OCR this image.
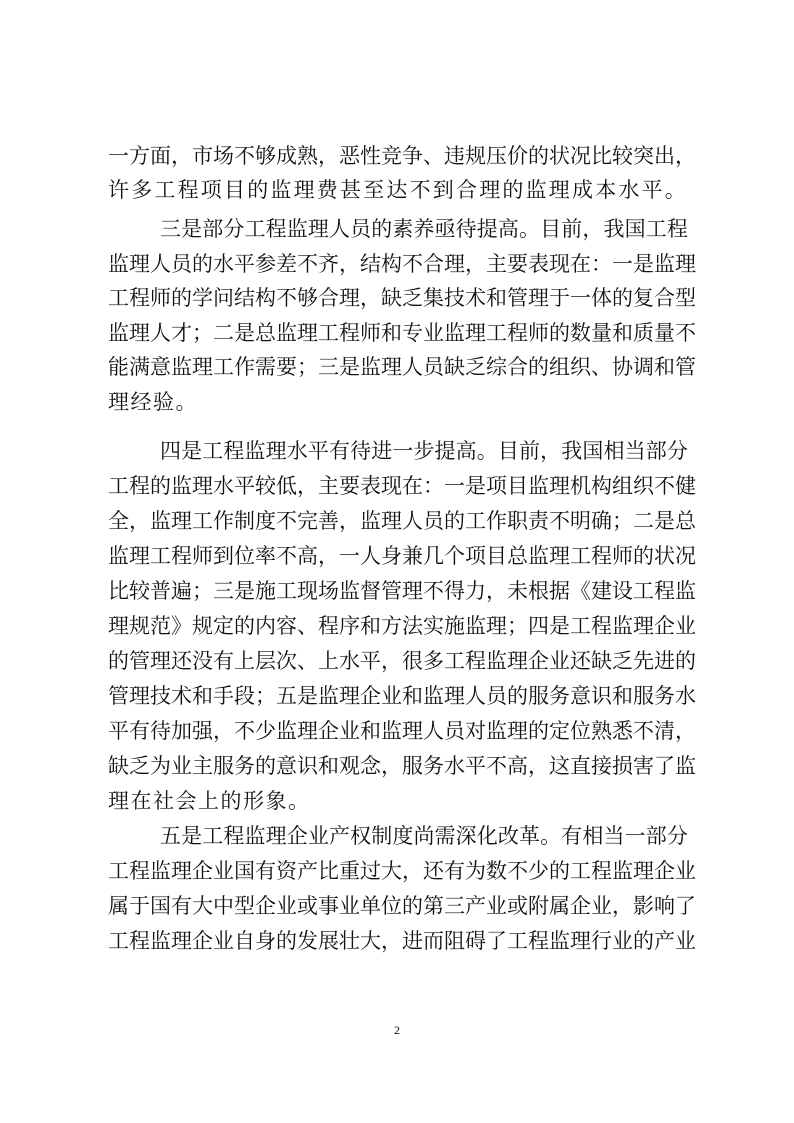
一方面，市场不够成熟，恶性竞争、违规压价的状况比较突出，
许多工程项目的监理费甚至达不到合理的监理成本水平。
三是部分工程监理人员的素养亟待提高。目前，我国工程
监理人员的水平参差不齐，结构不合理，主要表现在：一是监理
工程师的学问结构不够合理，缺乏集技术和管理于一体的复合型
监理人才；二是总监理工程师和专业监理工程师的数量和质量不
能满意监理工作需要；三是监理人员缺乏综合的组织、协调和管
理经验。
四是工程监理水平有待进一步提高。目前，我国相当部分
工程的监理水平较低，主要表现在：一是项目监理机构组织不健
全，监理工作制度不完善，监理人员的工作职责不明确；二是总
监理工程师到位率不高，一人身兼几个项目总监理工程师的状况
比较普遍；三是施工现场监督管理不得力，未根据《建设工程监
理规范》规定的内容、程序和方法实施监理；四是工程监理企业
的管理还没有上层次、上水平，很多工程监理企业还缺乏先进的
管理技术和手段；五是监理企业和监理人员的服务意识和服务水
平有待加强，不少监理企业和监理人员对监理的定位熟悉不清，
缺乏为业主服务的意识和观念，服务水平不高，这直接损害了监
理在社会上的形象。
五是工程监理企业产权制度尚需深化改革。有相当一部分
工程监理企业国有资产比重过大，还有为数不少的工程监理企业
属于国有大中型企业或事业单位的第三产业或附属企业，影响了
工程监理企业自身的发展壮大，进而阻碍了工程监理行业的产业
2
